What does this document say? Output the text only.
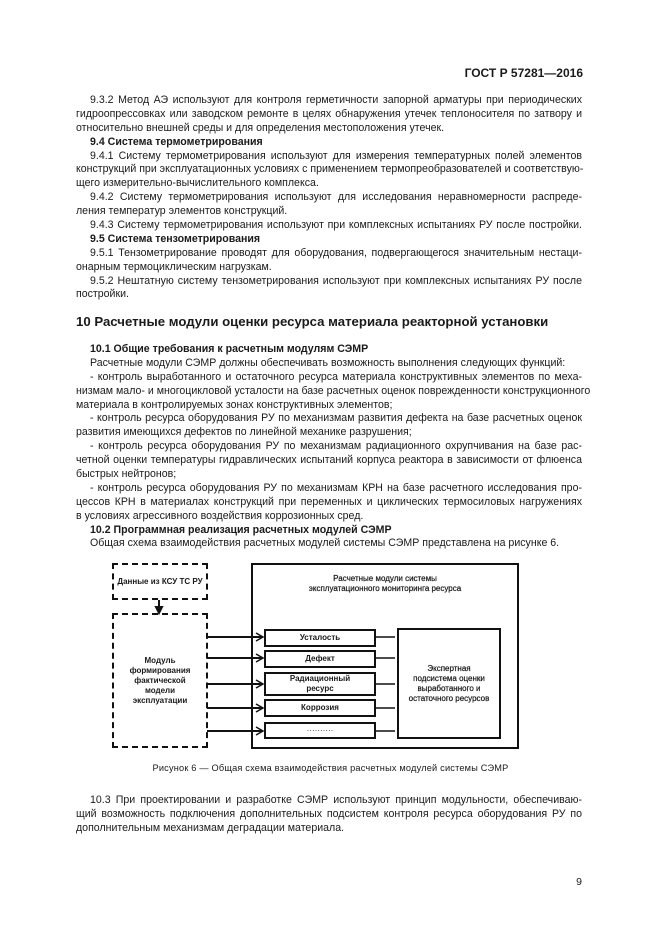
ГОСТ Р 57281—2016
9.3.2 Метод АЭ используют для контроля герметичности запорной арматуры при периодических
гидроопрессовках или заводском ремонте в целях обнаружения утечек теплоносителя по затвору и
относительно внешней среды и для определения местоположения утечек.
9.4 Система термометрирования
9.4.1 Систему термометрирования используют для измерения температурных полей элементов
конструкций при эксплуатационных условиях с применением термопреобразователей и соответствую-
щего измерительно-вычислительного комплекса.
9.4.2 Систему термометрирования используют для исследования неравномерности распреде-
ления температур элементов конструкций.
9.4.3 Систему термометрирования используют при комплексных испытаниях РУ после постройки.
9.5 Система тензометрирования
9.5.1 Тензометрирование проводят для оборудования, подвергающегося значительным нестаци-
онарным термоциклическим нагрузкам.
9.5.2 Нештатную систему тензометрирования используют при комплексных испытаниях РУ после
постройки.
10 Расчетные модули оценки ресурса материала реакторной установки
10.1 Общие требования к расчетным модулям СЭМР
Расчетные модули СЭМР должны обеспечивать возможность выполнения следующих функций:
- контроль выработанного и остаточного ресурса материала конструктивных элементов по меха-
низмам мало- и многоцикловой усталости на базе расчетных оценок поврежденности конструкционного
материала в контролируемых зонах конструктивных элементов;
- контроль ресурса оборудования РУ по механизмам развития дефекта на базе расчетных оценок
развития имеющихся дефектов по линейной механике разрушения;
- контроль ресурса оборудования РУ по механизмам радиационного охрупчивания на базе рас-
четной оценки температуры гидравлических испытаний корпуса реактора в зависимости от флюенса
быстрых нейтронов;
- контроль ресурса оборудования РУ по механизмам КРН на базе расчетного исследования про-
цессов КРН в материалах конструкций при переменных и циклических термосиловых нагружениях
в условиях агрессивного воздействия коррозионных сред.
10.2 Программная реализация расчетных модулей СЭМР
Общая схема взаимодействия расчетных модулей системы СЭМР представлена на рисунке 6.
Данные из КСУ ТС РУ
Модуль формирования фактической модели эксплуатации
Расчетные модули системы эксплуатационного мониторинга ресурса
Усталость
Дефект
Радиационный ресурс
Коррозия
··········
Экспертная подсистема оценки выработанного и остаточного ресурсов
Рисунок 6 — Общая схема взаимодействия расчетных модулей системы СЭМР
10.3 При проектировании и разработке СЭМР используют принцип модульности, обеспечиваю-
щий возможность подключения дополнительных подсистем контроля ресурса оборудования РУ по
дополнительным механизмам деградации материала.
9
